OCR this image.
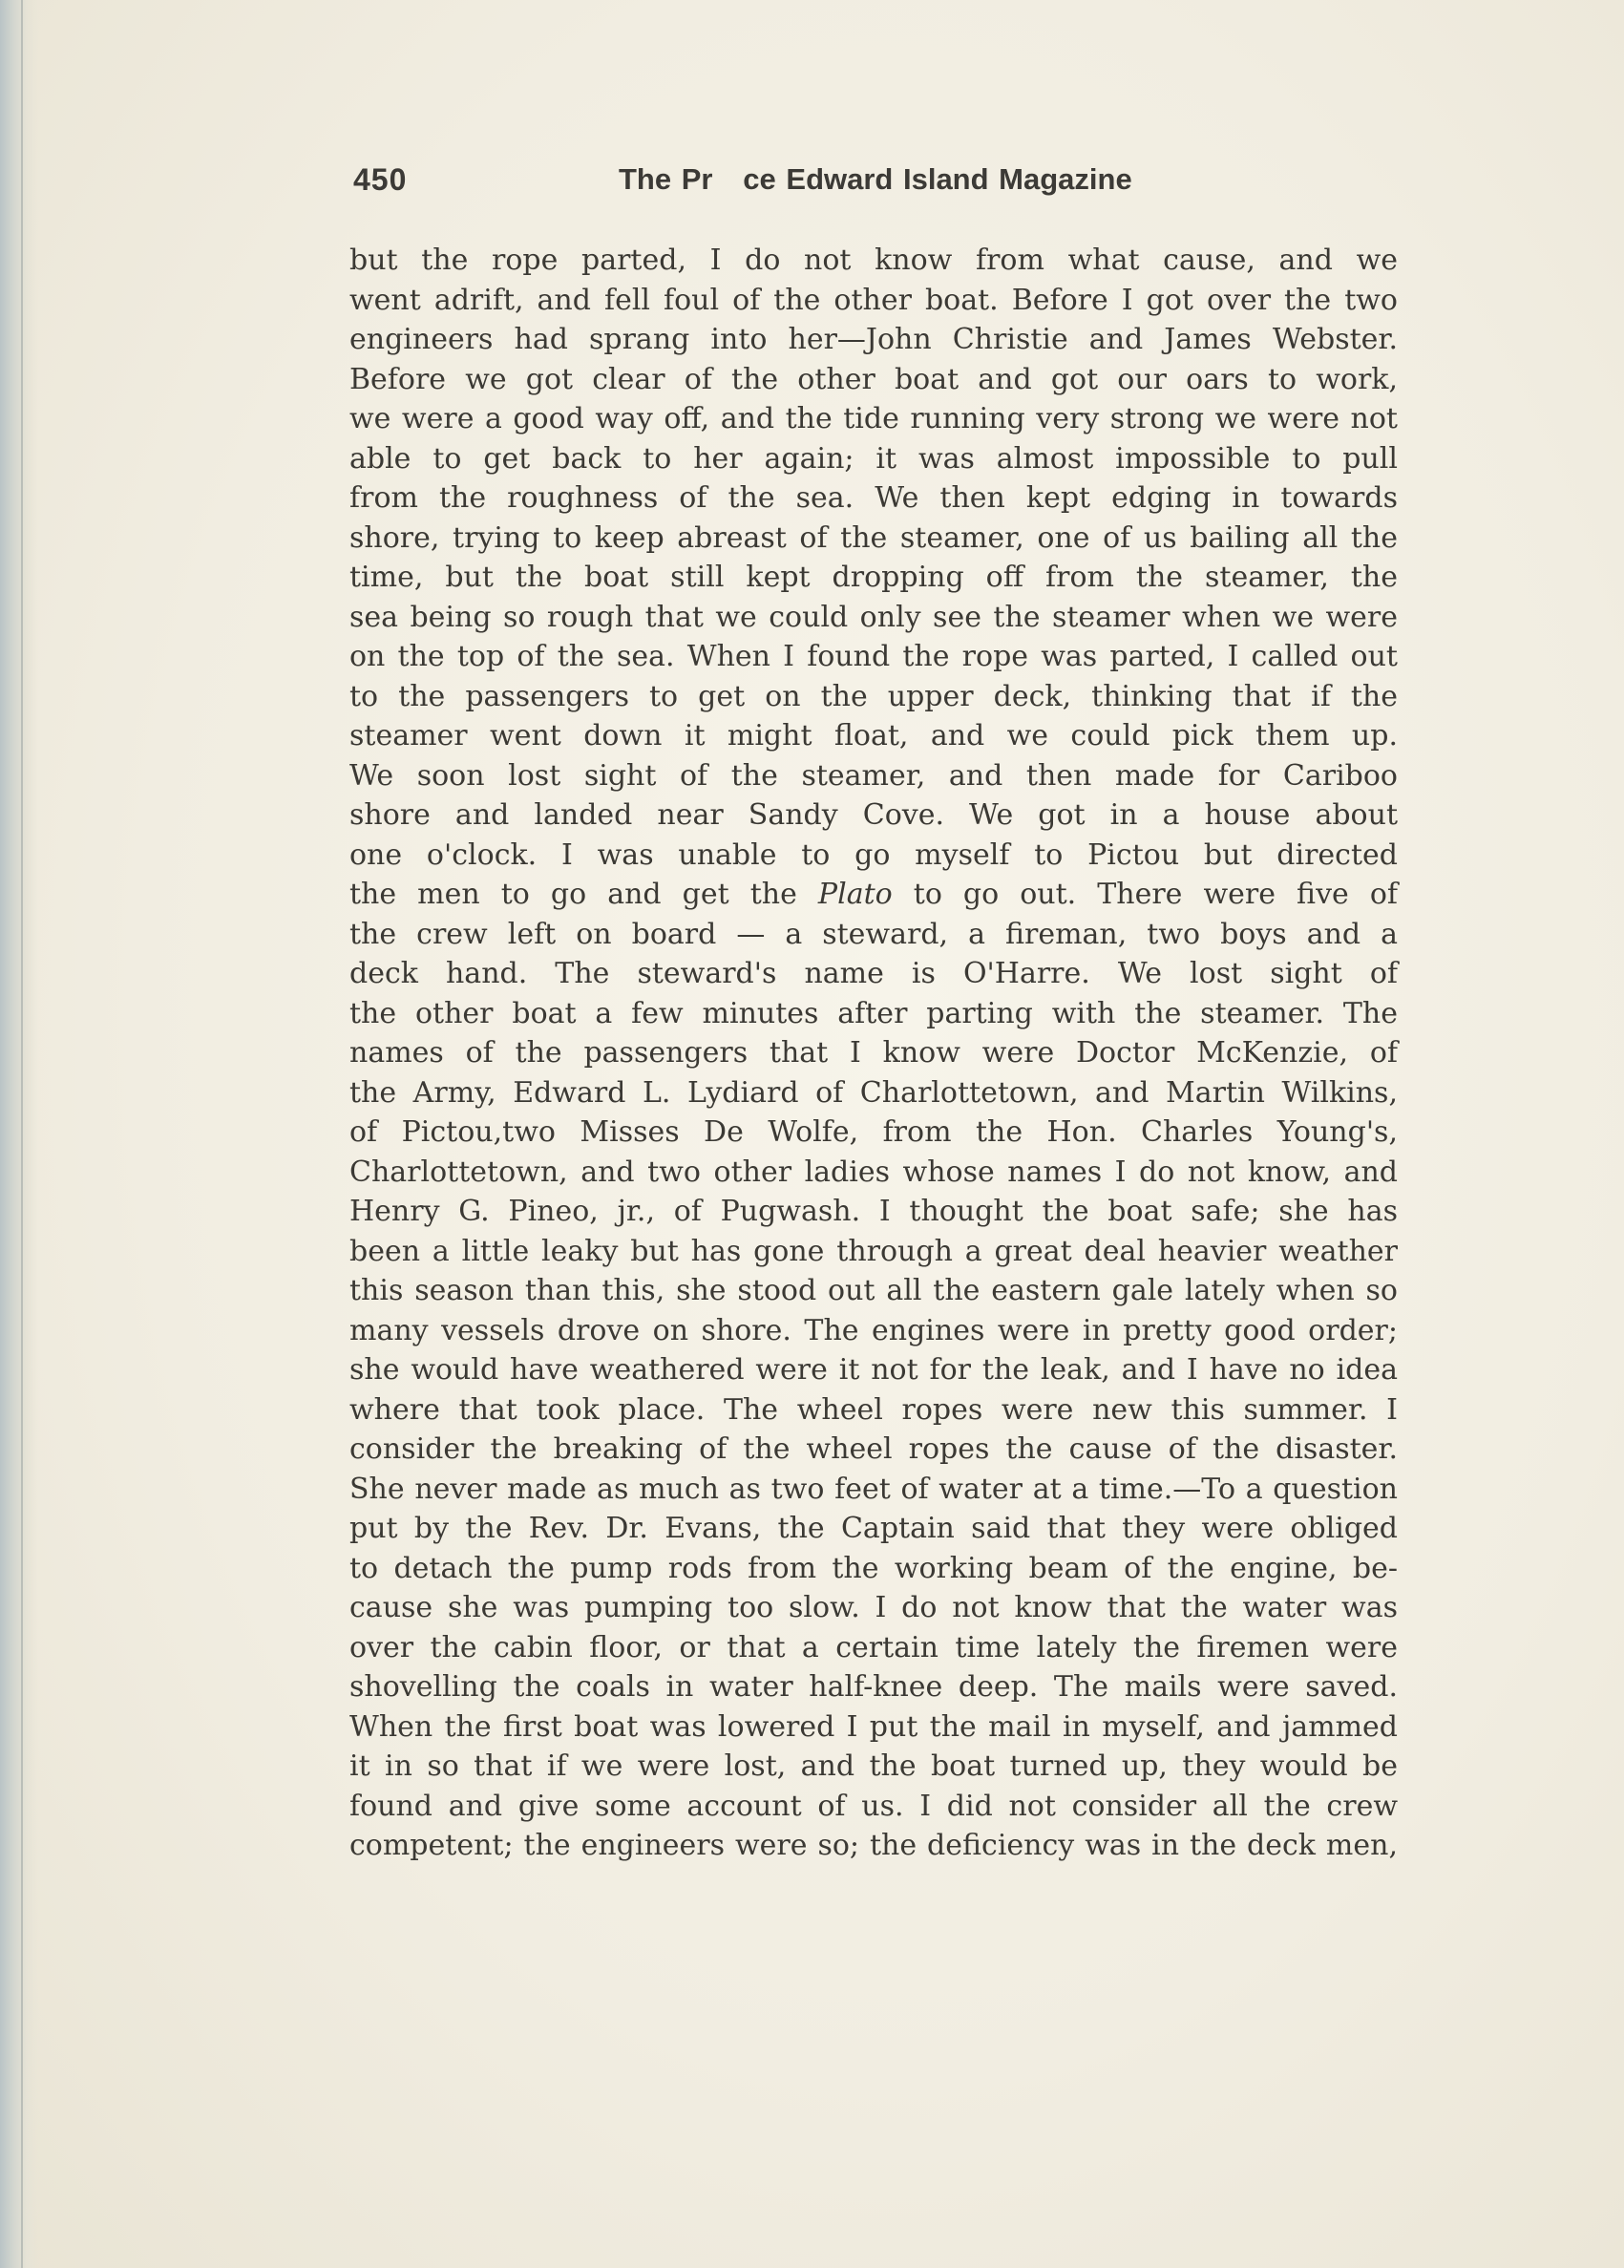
450	The Pr   ce Edward Island Magazine
but the rope parted, I do not know from what cause, and we
went adrift, and fell foul of the other boat. Before I got over the two
engineers had sprang into her—John Christie and James Webster.
Before we got clear of the other boat and got our oars to work,
we were a good way off, and the tide running very strong we were not
able to get back to her again; it was almost impossible to pull
from the roughness of the sea. We then kept edging in towards
shore, trying to keep abreast of the steamer, one of us bailing all the
time, but the boat still kept dropping off from the steamer, the
sea being so rough that we could only see the steamer when we were
on the top of the sea. When I found the rope was parted, I called out
to the passengers to get on the upper deck, thinking that if the
steamer went down it might float, and we could pick them up.
We soon lost sight of the steamer, and then made for Cariboo
shore and landed near Sandy Cove. We got in a house about
one o'clock. I was unable to go myself to Pictou but directed
the men to go and get the Plato to go out. There were five of
the crew left on board — a steward, a fireman, two boys and a
deck hand. The steward's name is O'Harre. We lost sight of
the other boat a few minutes after parting with the steamer. The
names of the passengers that I know were Doctor McKenzie, of
the Army, Edward L. Lydiard of Charlottetown, and Martin Wilkins,
of Pictou,two Misses De Wolfe, from the Hon. Charles Young's,
Charlottetown, and two other ladies whose names I do not know, and
Henry G. Pineo, jr., of Pugwash. I thought the boat safe; she has
been a little leaky but has gone through a great deal heavier weather
this season than this, she stood out all the eastern gale lately when so
many vessels drove on shore. The engines were in pretty good order;
she would have weathered were it not for the leak, and I have no idea
where that took place. The wheel ropes were new this summer. I
consider the breaking of the wheel ropes the cause of the disaster.
She never made as much as two feet of water at a time.—To a question
put by the Rev. Dr. Evans, the Captain said that they were obliged
to detach the pump rods from the working beam of the engine, be-
cause she was pumping too slow. I do not know that the water was
over the cabin floor, or that a certain time lately the firemen were
shovelling the coals in water half-knee deep. The mails were saved.
When the first boat was lowered I put the mail in myself, and jammed
it in so that if we were lost, and the boat turned up, they would be
found and give some account of us. I did not consider all the crew
competent; the engineers were so; the deficiency was in the deck men,
